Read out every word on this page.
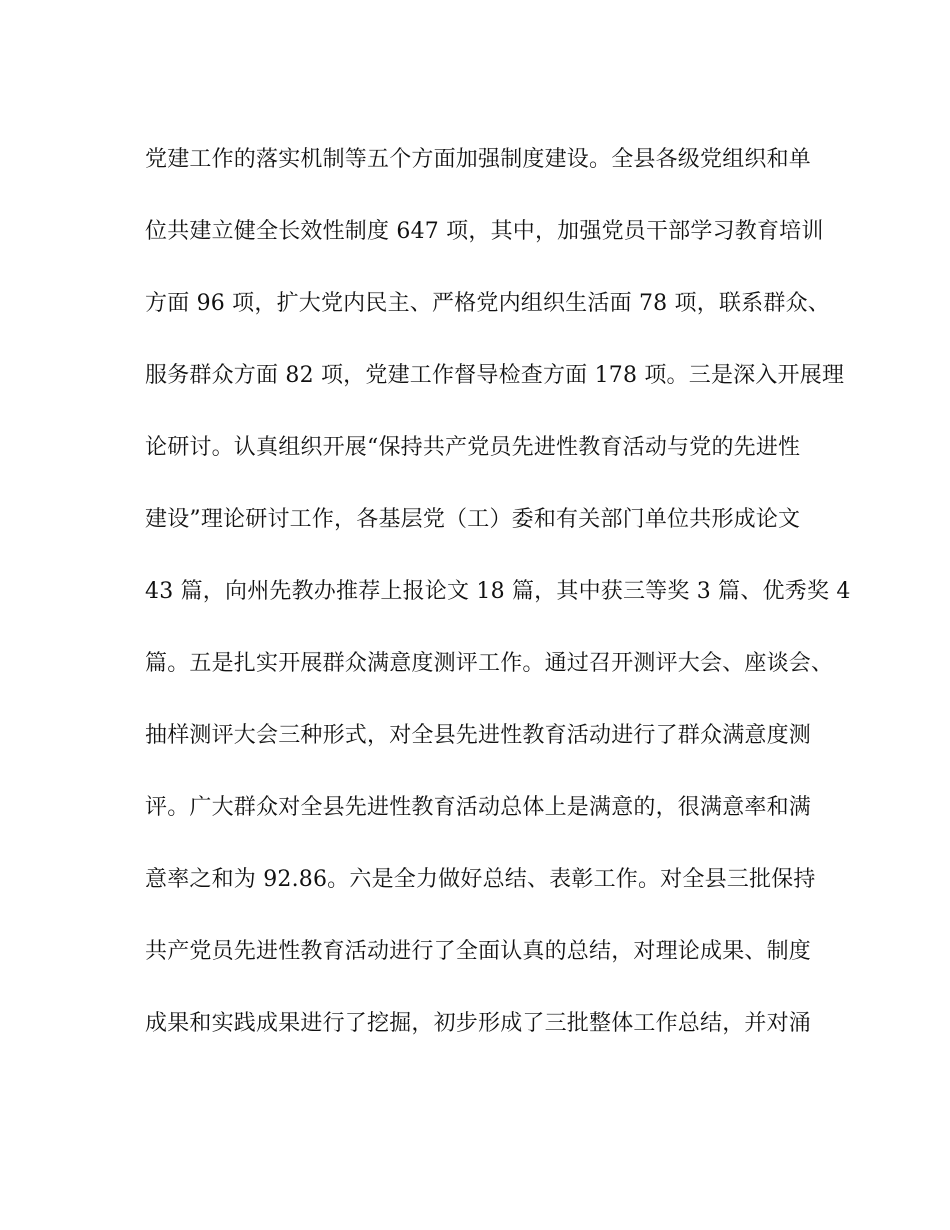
党建工作的落实机制等五个方面加强制度建设。全县各级党组织和单
位共建立健全长效性制度 647 项，其中，加强党员干部学习教育培训
方面 96 项，扩大党内民主、严格党内组织生活面 78 项，联系群众、
服务群众方面 82 项，党建工作督导检查方面 178 项。三是深入开展理
论研讨。认真组织开展“保持共产党员先进性教育活动与党的先进性
建设”理论研讨工作，各基层党（工）委和有关部门单位共形成论文
43 篇，向州先教办推荐上报论文 18 篇，其中获三等奖 3 篇、优秀奖 4
篇。五是扎实开展群众满意度测评工作。通过召开测评大会、座谈会、
抽样测评大会三种形式，对全县先进性教育活动进行了群众满意度测
评。广大群众对全县先进性教育活动总体上是满意的，很满意率和满
意率之和为 92.86。六是全力做好总结、表彰工作。对全县三批保持
共产党员先进性教育活动进行了全面认真的总结，对理论成果、制度
成果和实践成果进行了挖掘，初步形成了三批整体工作总结，并对涌
